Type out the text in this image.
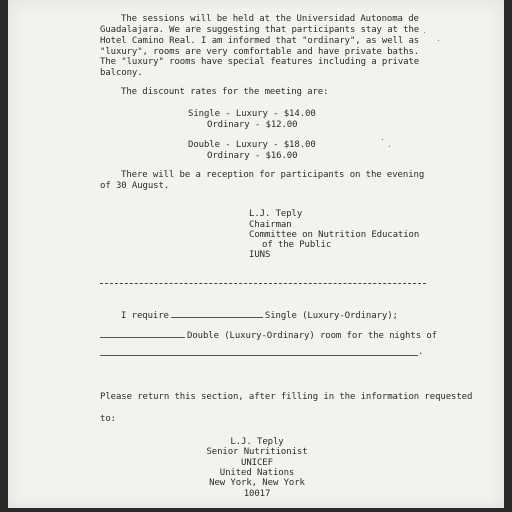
The sessions will be held at the Universidad Autonoma de
Guadalajara. We are suggesting that participants stay at the
Hotel Camino Real. I am informed that "ordinary", as well as
"luxury", rooms are very comfortable and have private baths.
The "luxury" rooms have special features including a private
balcony.
The discount rates for the meeting are:
Single - Luxury - $14.00
Ordinary - $12.00
Double - Luxury - $18.00
Ordinary - $16.00
There will be a reception for participants on the evening
of 30 August.
L.J. Teply
Chairman
Committee on Nutrition Education
of the Public
IUNS
I require	Single (Luxury-Ordinary);
Double (Luxury-Ordinary) room for the nights of
.
Please return this section, after filling in the information requested
to:
L.J. Teply
Senior Nutritionist
UNICEF
United Nations
New York, New York
10017
·
·
·
·
